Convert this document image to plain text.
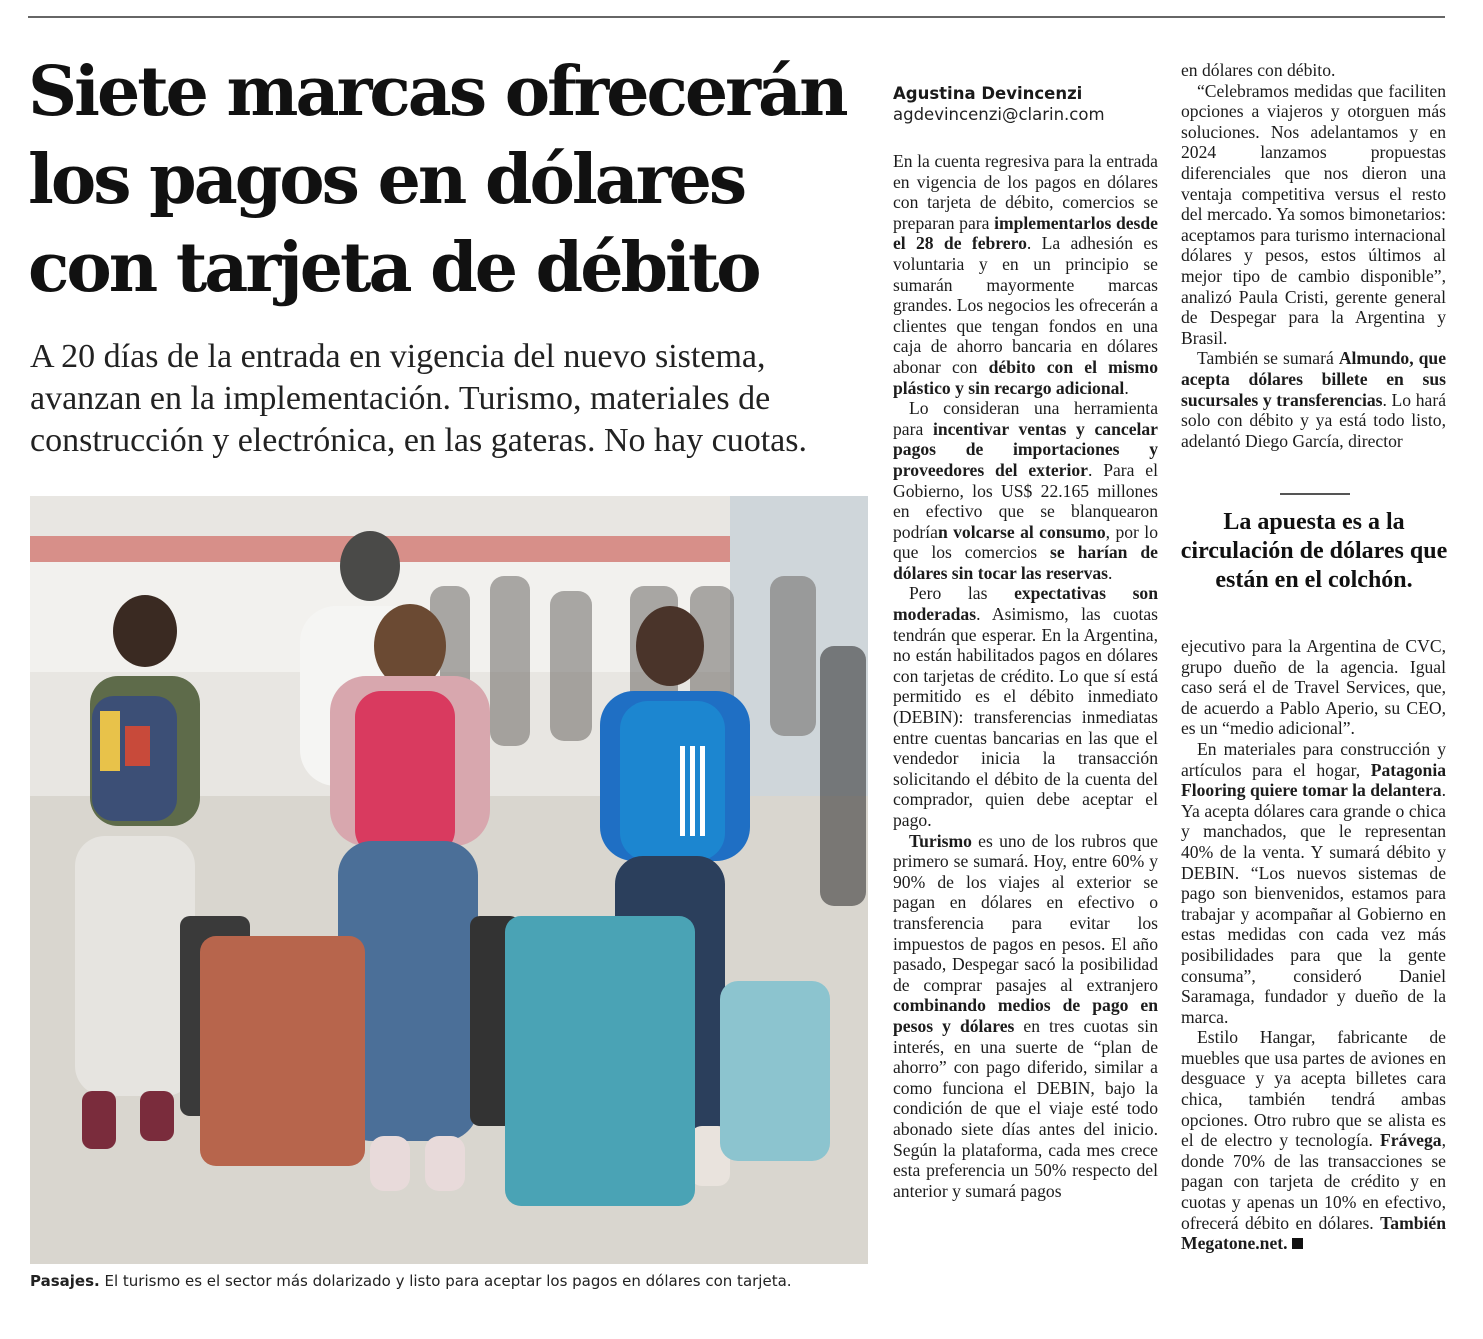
Siete marcas ofrecerán los pagos en dólares con tarjeta de débito

A 20 días de la entrada en vigencia del nuevo sistema, avanzan en la implementación. Turismo, materiales de construcción y electrónica, en las gateras. No hay cuotas.

Pasajes. El turismo es el sector más dolarizado y listo para aceptar los pagos en dólares con tarjeta.
Agustina Devincenzi
agdevincenzi@clarin.com

En la cuenta regresiva para la entrada en vigencia de los pagos en dólares con tarjeta de débito, comercios se preparan para implementarlos desde el 28 de febrero. La adhesión es voluntaria y en un principio se sumarán mayormente marcas grandes. Los negocios les ofrecerán a clientes que tengan fondos en una caja de ahorro bancaria en dólares abonar con débito con el mismo plástico y sin recargo adicional.

Lo consideran una herramienta para incentivar ventas y cancelar pagos de importaciones y proveedores del exterior. Para el Gobierno, los US$ 22.165 millones en efectivo que se blanquearon podrían volcarse al consumo, por lo que los comercios se harían de dólares sin tocar las reservas.

Pero las expectativas son moderadas. Asimismo, las cuotas tendrán que esperar. En la Argentina, no están habilitados pagos en dólares con tarjetas de crédito. Lo que sí está permitido es el débito inmediato (DEBIN): transferencias inmediatas entre cuentas bancarias en las que el vendedor inicia la transacción solicitando el débito de la cuenta del comprador, quien debe aceptar el pago.

Turismo es uno de los rubros que primero se sumará. Hoy, entre 60% y 90% de los viajes al exterior se pagan en dólares en efectivo o transferencia para evitar los impuestos de pagos en pesos. El año pasado, Despegar sacó la posibilidad de comprar pasajes al extranjero combinando medios de pago en pesos y dólares en tres cuotas sin interés, en una suerte de “plan de ahorro” con pago diferido, similar a como funciona el DEBIN, bajo la condición de que el viaje esté todo abonado siete días antes del inicio. Según la plataforma, cada mes crece esta preferencia un 50% respecto del anterior y sumará pagos

en dólares con débito.

“Celebramos medidas que faciliten opciones a viajeros y otorguen más soluciones. Nos adelantamos y en 2024 lanzamos propuestas diferenciales que nos dieron una ventaja competitiva versus el resto del mercado. Ya somos bimonetarios: aceptamos para turismo internacional dólares y pesos, estos últimos al mejor tipo de cambio disponible”, analizó Paula Cristi, gerente general de Despegar para la Argentina y Brasil.

También se sumará Almundo, que acepta dólares billete en sus sucursales y transferencias. Lo hará solo con débito y ya está todo listo, adelantó Diego García, director

La apuesta es a la circulación de dólares que están en el colchón.

ejecutivo para la Argentina de CVC, grupo dueño de la agencia. Igual caso será el de Travel Services, que, de acuerdo a Pablo Aperio, su CEO, es un “medio adicional”.

En materiales para construcción y artículos para el hogar, Patagonia Flooring quiere tomar la delantera. Ya acepta dólares cara grande o chica y manchados, que le representan 40% de la venta. Y sumará débito y DEBIN. “Los nuevos sistemas de pago son bienvenidos, estamos para trabajar y acompañar al Gobierno en estas medidas con cada vez más posibilidades para que la gente consuma”, consideró Daniel Saramaga, fundador y dueño de la marca.

Estilo Hangar, fabricante de muebles que usa partes de aviones en desguace y ya acepta billetes cara chica, también tendrá ambas opciones. Otro rubro que se alista es el de electro y tecnología. Frávega, donde 70% de las transacciones se pagan con tarjeta de crédito y en cuotas y apenas un 10% en efectivo, ofrecerá débito en dólares. También Megatone.net.
